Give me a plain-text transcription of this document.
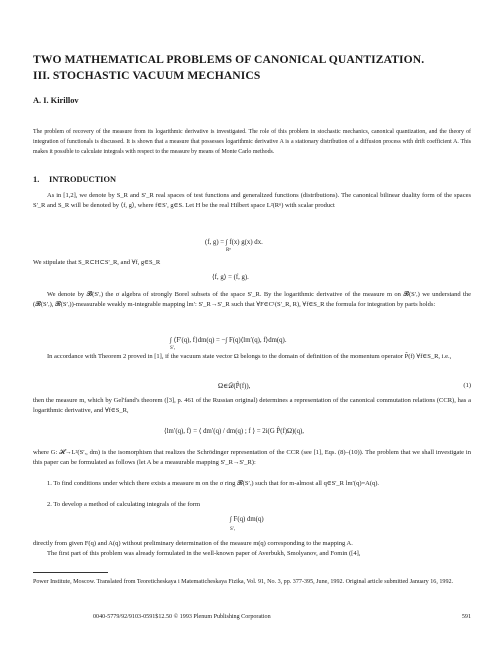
TWO MATHEMATICAL PROBLEMS OF CANONICAL QUANTIZATION.
III. STOCHASTIC VACUUM MECHANICS
A. I. Kirillov
The problem of recovery of the measure from its logarithmic derivative is investigated. The role of this problem in stochastic mechanics, canonical quantization, and the theory of integration of functionals is discussed. It is shown that a measure that possesses logarithmic derivative A is a stationary distribution of a diffusion process with drift coefficient A. This makes it possible to calculate integrals with respect to the measure by means of Monte Carlo methods.
1. INTRODUCTION
As in [1,2], we denote by S_R and S'_R real spaces of test functions and generalized functions (distributions). The canonical bilinear duality form of the spaces S'_R and S_R will be denoted by ⟨f, g⟩, where f∈S′, g∈S. Let H be the real Hilbert space L²(Rⁿ) with scalar product
(f, g) = ∫ f(x) g(x) dx.
Rⁿ
We stipulate that S_R⊂H⊂S'_R, and ∀f, g∈S_R
⟨f, g⟩ = (f, g).
We denote by 𝓑(S′ᵣ) the σ algebra of strongly Borel subsets of the space S'_R. By the logarithmic derivative of the measure m on 𝓑(S′ᵣ) we understand the (𝓑(S′ᵣ), 𝓑(S′ᵣ))-measurable weakly m-integrable mapping lm′: S'_R→S'_R such that ∀F∈C¹(S'_R, R), ∀f∈S_R the formula for integration by parts holds:
∫ ⟨F′(q), f⟩dm(q) = −∫ F(q)⟨lm′(q), f⟩dm(q).
S′ᵣ
In accordance with Theorem 2 proved in [1], if the vacuum state vector Ω belongs to the domain of definition of the momentum operator P̂(f) ∀f∈S_R, i.e.,
Ω∈𝒟(P̂(f)),	(1)
then the measure m, which by Gel'fand's theorem ([3], p. 461 of the Russian original) determines a representation of the canonical commutation relations (CCR), has a logarithmic derivative, and ∀f∈S_R,
⟨lm′(q), f⟩ = ⟨ dm′(q) / dm(q) ; f ⟩ = 2i(G P̂(f)Ω)(q),
where G: 𝓗→L²(S′ᵣ, dm) is the isomorphism that realizes the Schrödinger representation of the CCR (see [1], Eqs. (8)–(10)). The problem that we shall investigate in this paper can be formulated as follows (let A be a measurable mapping S'_R→S'_R):
1. To find conditions under which there exists a measure m on the σ ring 𝓑(S′ᵣ) such that for m-almost all q∈S'_R lm′(q)=A(q).
2. To develop a method of calculating integrals of the form
∫ F(q) dm(q)
S′ᵣ
directly from given F(q) and A(q) without preliminary determination of the measure m(q) corresponding to the mapping A.
The first part of this problem was already formulated in the well-known paper of Averbukh, Smolyanov, and Fomin ([4],
Power Institute, Moscow. Translated from Teoreticheskaya i Matematicheskaya Fizika, Vol. 91, No. 3, pp. 377-395, June, 1992. Original article submitted January 16, 1992.
0040-5779/92/9103-0591$12.50 © 1993 Plenum Publishing Corporation	591
